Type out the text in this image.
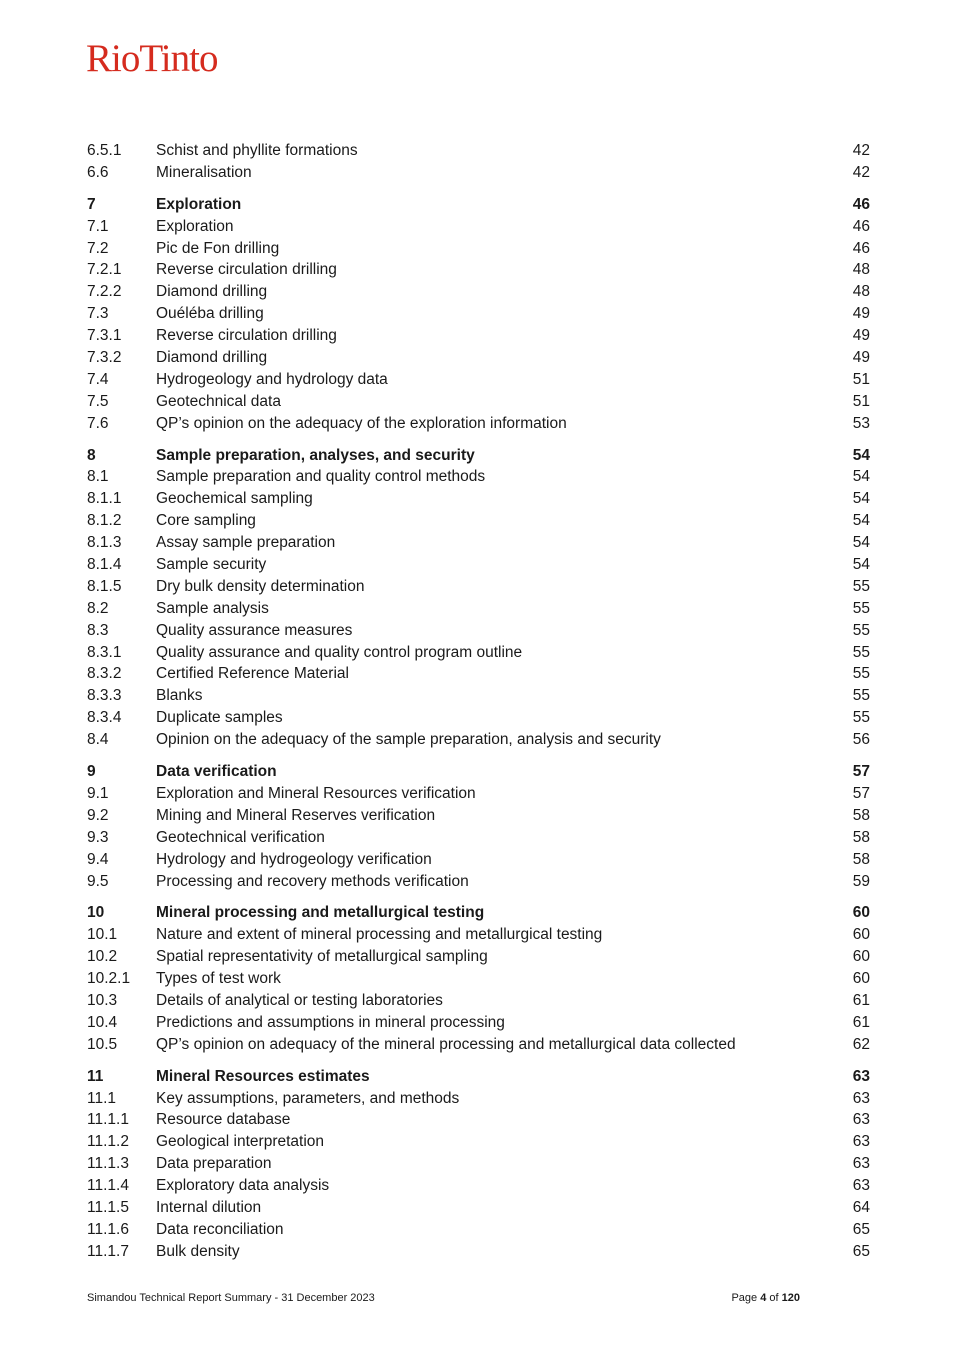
RioTinto
6.5.1	Schist and phyllite formations	42
6.6	Mineralisation	42
7	Exploration	46
7.1	Exploration	46
7.2	Pic de Fon drilling	46
7.2.1	Reverse circulation drilling	48
7.2.2	Diamond drilling	48
7.3	Ouéléba drilling	49
7.3.1	Reverse circulation drilling	49
7.3.2	Diamond drilling	49
7.4	Hydrogeology and hydrology data	51
7.5	Geotechnical data	51
7.6	QP’s opinion on the adequacy of the exploration information	53
8	Sample preparation, analyses, and security	54
8.1	Sample preparation and quality control methods	54
8.1.1	Geochemical sampling	54
8.1.2	Core sampling	54
8.1.3	Assay sample preparation	54
8.1.4	Sample security	54
8.1.5	Dry bulk density determination	55
8.2	Sample analysis	55
8.3	Quality assurance measures	55
8.3.1	Quality assurance and quality control program outline	55
8.3.2	Certified Reference Material	55
8.3.3	Blanks	55
8.3.4	Duplicate samples	55
8.4	Opinion on the adequacy of the sample preparation, analysis and security	56
9	Data verification	57
9.1	Exploration and Mineral Resources verification	57
9.2	Mining and Mineral Reserves verification	58
9.3	Geotechnical verification	58
9.4	Hydrology and hydrogeology verification	58
9.5	Processing and recovery methods verification	59
10	Mineral processing and metallurgical testing	60
10.1	Nature and extent of mineral processing and metallurgical testing	60
10.2	Spatial representativity of metallurgical sampling	60
10.2.1	Types of test work	60
10.3	Details of analytical or testing laboratories	61
10.4	Predictions and assumptions in mineral processing	61
10.5	QP’s opinion on adequacy of the mineral processing and metallurgical data collected	62
11	Mineral Resources estimates	63
11.1	Key assumptions, parameters, and methods	63
11.1.1	Resource database	63
11.1.2	Geological interpretation	63
11.1.3	Data preparation	63
11.1.4	Exploratory data analysis	63
11.1.5	Internal dilution	64
11.1.6	Data reconciliation	65
11.1.7	Bulk density	65
Simandou Technical Report Summary - 31 December 2023	Page 4 of 120
